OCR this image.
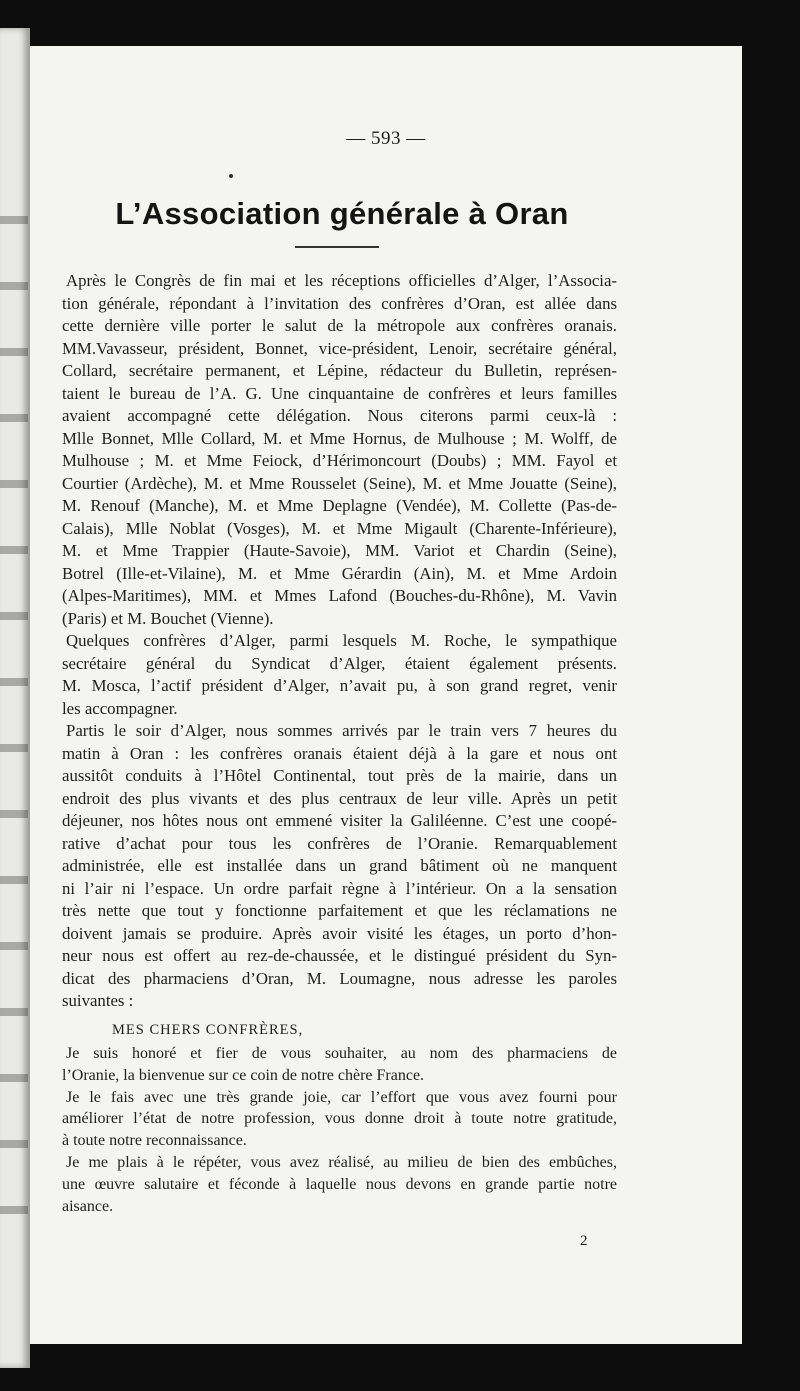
— 593 —
L’Association générale à Oran
Après le Congrès de fin mai et les réceptions officielles d’Alger, l’Associa-
tion générale, répondant à l’invitation des confrères d’Oran, est allée dans
cette dernière ville porter le salut de la métropole aux confrères oranais.
MM.Vavasseur, président, Bonnet, vice-président, Lenoir, secrétaire général,
Collard, secrétaire permanent, et Lépine, rédacteur du Bulletin, représen-
taient le bureau de l’A. G. Une cinquantaine de confrères et leurs familles
avaient accompagné cette délégation. Nous citerons parmi ceux-là :
Mlle Bonnet, Mlle Collard, M. et Mme Hornus, de Mulhouse ; M. Wolff, de
Mulhouse ; M. et Mme Feiock, d’Hérimoncourt (Doubs) ; MM. Fayol et
Courtier (Ardèche), M. et Mme Rousselet (Seine), M. et Mme Jouatte (Seine),
M. Renouf (Manche), M. et Mme Deplagne (Vendée), M. Collette (Pas-de-
Calais), Mlle Noblat (Vosges), M. et Mme Migault (Charente-Inférieure),
M. et Mme Trappier (Haute-Savoie), MM. Variot et Chardin (Seine),
Botrel (Ille-et-Vilaine), M. et Mme Gérardin (Ain), M. et Mme Ardoin
(Alpes-Maritimes), MM. et Mmes Lafond (Bouches-du-Rhône), M. Vavin
(Paris) et M. Bouchet (Vienne).
Quelques confrères d’Alger, parmi lesquels M. Roche, le sympathique
secrétaire général du Syndicat d’Alger, étaient également présents.
M. Mosca, l’actif président d’Alger, n’avait pu, à son grand regret, venir
les accompagner.
Partis le soir d’Alger, nous sommes arrivés par le train vers 7 heures du
matin à Oran : les confrères oranais étaient déjà à la gare et nous ont
aussitôt conduits à l’Hôtel Continental, tout près de la mairie, dans un
endroit des plus vivants et des plus centraux de leur ville. Après un petit
déjeuner, nos hôtes nous ont emmené visiter la Galiléenne. C’est une coopé-
rative d’achat pour tous les confrères de l’Oranie. Remarquablement
administrée, elle est installée dans un grand bâtiment où ne manquent
ni l’air ni l’espace. Un ordre parfait règne à l’intérieur. On a la sensation
très nette que tout y fonctionne parfaitement et que les réclamations ne
doivent jamais se produire. Après avoir visité les étages, un porto d’hon-
neur nous est offert au rez-de-chaussée, et le distingué président du Syn-
dicat des pharmaciens d’Oran, M. Loumagne, nous adresse les paroles
suivantes :
MES CHERS CONFRÈRES,
Je suis honoré et fier de vous souhaiter, au nom des pharmaciens de
l’Oranie, la bienvenue sur ce coin de notre chère France.
Je le fais avec une très grande joie, car l’effort que vous avez fourni pour
améliorer l’état de notre profession, vous donne droit à toute notre gratitude,
à toute notre reconnaissance.
Je me plais à le répéter, vous avez réalisé, au milieu de bien des embûches,
une œuvre salutaire et féconde à laquelle nous devons en grande partie notre
aisance.
2
